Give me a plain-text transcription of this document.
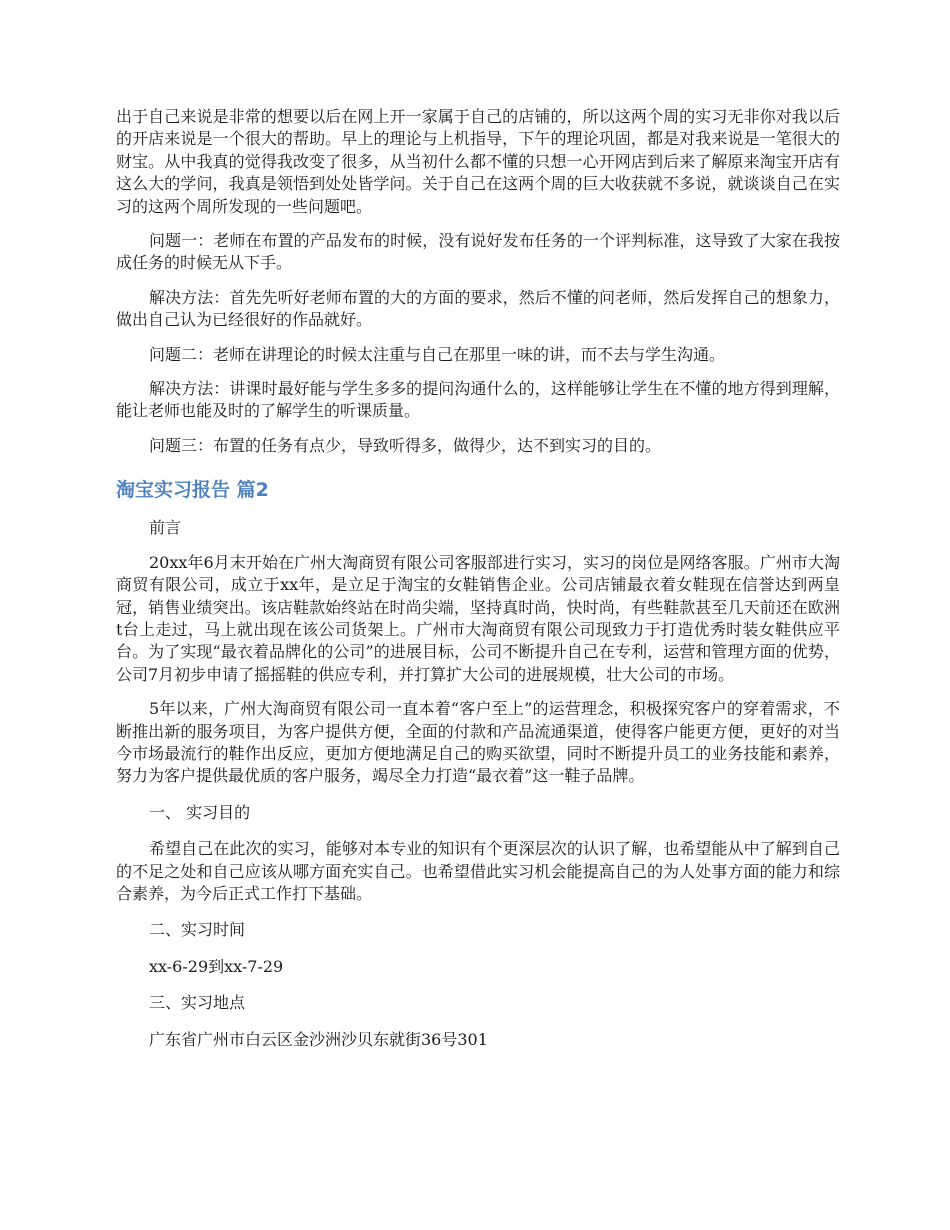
出于自己来说是非常的想要以后在网上开一家属于自己的店铺的，所以这两个周的实习无非你对我以后的开店来说是一个很大的帮助。早上的理论与上机指导，下午的理论巩固，都是对我来说是一笔很大的财宝。从中我真的觉得我改变了很多，从当初什么都不懂的只想一心开网店到后来了解原来淘宝开店有这么大的学问，我真是领悟到处处皆学问。关于自己在这两个周的巨大收获就不多说，就谈谈自己在实习的这两个周所发现的一些问题吧。

问题一：老师在布置的产品发布的时候，没有说好发布任务的一个评判标准，这导致了大家在我按成任务的时候无从下手。

解决方法：首先先听好老师布置的大的方面的要求，然后不懂的问老师，然后发挥自己的想象力，做出自己认为已经很好的作品就好。

问题二：老师在讲理论的时候太注重与自己在那里一味的讲，而不去与学生沟通。

解决方法：讲课时最好能与学生多多的提问沟通什么的，这样能够让学生在不懂的地方得到理解，能让老师也能及时的了解学生的听课质量。

问题三：布置的任务有点少，导致听得多，做得少，达不到实习的目的。

淘宝实习报告 篇2

前言

20xx年6月末开始在广州大淘商贸有限公司客服部进行实习，实习的岗位是网络客服。广州市大淘商贸有限公司，成立于xx年，是立足于淘宝的女鞋销售企业。公司店铺最衣着女鞋现在信誉达到两皇冠，销售业绩突出。该店鞋款始终站在时尚尖端，坚持真时尚，快时尚，有些鞋款甚至几天前还在欧洲t台上走过，马上就出现在该公司货架上。广州市大淘商贸有限公司现致力于打造优秀时装女鞋供应平台。为了实现“最衣着品牌化的公司”的进展目标，公司不断提升自己在专利，运营和管理方面的优势，公司7月初步申请了摇摇鞋的供应专利，并打算扩大公司的进展规模，壮大公司的市场。

5年以来，广州大淘商贸有限公司一直本着“客户至上”的运营理念，积极探究客户的穿着需求，不断推出新的服务项目，为客户提供方便，全面的付款和产品流通渠道，使得客户能更方便，更好的对当今市场最流行的鞋作出反应，更加方便地满足自己的购买欲望，同时不断提升员工的业务技能和素养，努力为客户提供最优质的客户服务，竭尽全力打造“最衣着”这一鞋子品牌。

一、 实习目的

希望自己在此次的实习，能够对本专业的知识有个更深层次的认识了解，也希望能从中了解到自己的不足之处和自己应该从哪方面充实自己。也希望借此实习机会能提高自己的为人处事方面的能力和综合素养，为今后正式工作打下基础。

二、实习时间

xx-6-29到xx-7-29

三、实习地点

广东省广州市白云区金沙洲沙贝东就街36号301
